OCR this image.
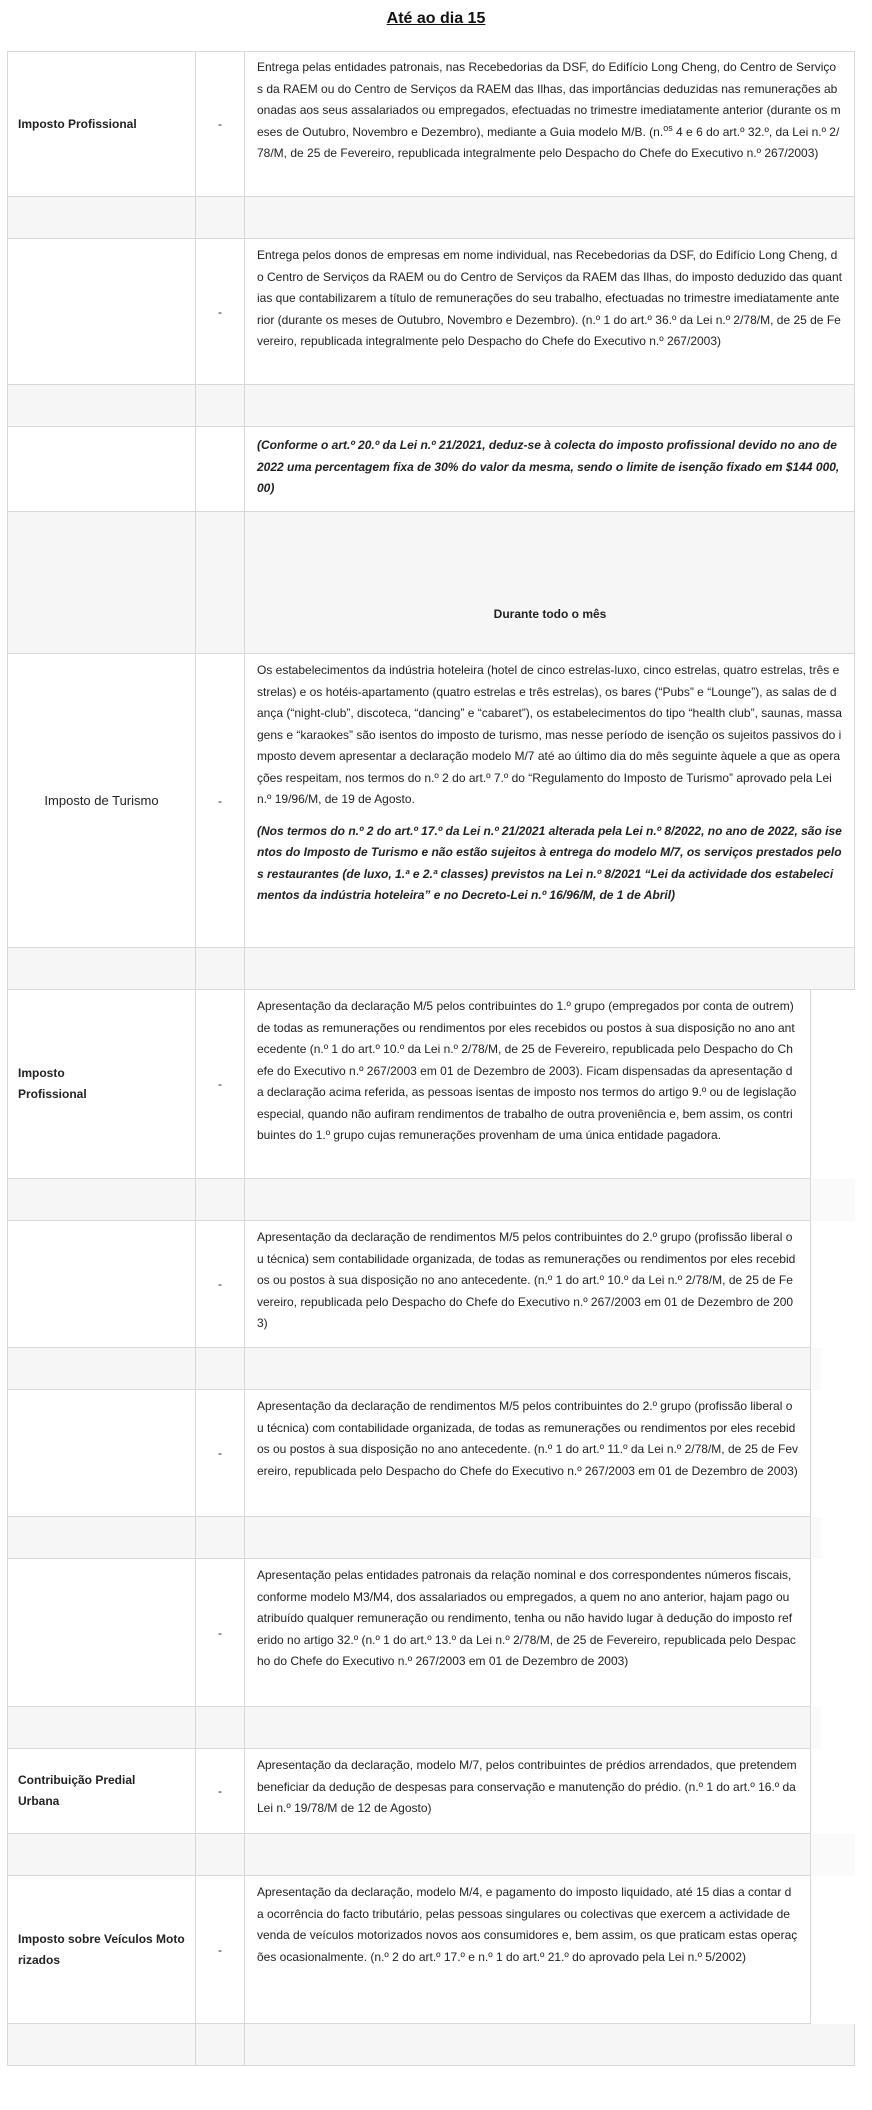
Até ao dia 15
Imposto Profissional	-
Entrega pelas entidades patronais, nas Recebedorias da DSF, do Edifício Long Cheng, do Centro de Serviços da RAEM ou do Centro de Serviços da RAEM das Ilhas, das importâncias deduzidas nas remunerações abonadas aos seus assalariados ou empregados, efectuadas no trimestre imediatamente anterior (durante os meses de Outubro, Novembro e Dezembro), mediante a Guia modelo M/B. (n.$^{os}$ 4 e 6 do art.º 32.º, da Lei n.º 2/78/M, de 25 de Fevereiro, republicada integralmente pelo Despacho do Chefe do Executivo n.º 267/2003)
-
Entrega pelos donos de empresas em nome individual, nas Recebedorias da DSF, do Edifício Long Cheng, do Centro de Serviços da RAEM ou do Centro de Serviços da RAEM das Ilhas, do imposto deduzido das quantias que contabilizarem a título de remunerações do seu trabalho, efectuadas no trimestre imediatamente anterior (durante os meses de Outubro, Novembro e Dezembro). (n.º 1 do art.º 36.º da Lei n.º 2/78/M, de 25 de Fevereiro, republicada integralmente pelo Despacho do Chefe do Executivo n.º 267/2003)
(Conforme o art.º 20.º da Lei n.º 21/2021, deduz-se à colecta do imposto profissional devido no ano de 2022 uma percentagem fixa de 30% do valor da mesma, sendo o limite de isenção fixado em $144 000,00)
Durante todo o mês
Imposto de Turismo	-
Os estabelecimentos da indústria hoteleira (hotel de cinco estrelas-luxo, cinco estrelas, quatro estrelas, três estrelas) e os hotéis-apartamento (quatro estrelas e três estrelas), os bares (“Pubs” e “Lounge”), as salas de dança (“night-club”, discoteca, “dancing” e “cabaret”), os estabelecimentos do tipo “health club”, saunas, massagens e “karaokes” são isentos do imposto de turismo, mas nesse período de isenção os sujeitos passivos do imposto devem apresentar a declaração modelo M/7 até ao último dia do mês seguinte àquele a que as operações respeitam, nos termos do n.º 2 do art.º 7.º do “Regulamento do Imposto de Turismo” aprovado pela Lei n.º 19/96/M, de 19 de Agosto.
(Nos termos do n.º 2 do art.º 17.º da Lei n.º 21/2021 alterada pela Lei n.º 8/2022, no ano de 2022, são isentos do Imposto de Turismo e não estão sujeitos à entrega do modelo M/7, os serviços prestados pelos restaurantes (de luxo, 1.ª e 2.ª classes) previstos na Lei n.º 8/2021 “Lei da actividade dos estabelecimentos da indústria hoteleira” e no Decreto-Lei n.º 16/96/M, de 1 de Abril)
Imposto Profissional
-
Apresentação da declaração M/5 pelos contribuintes do 1.º grupo (empregados por conta de outrem) de todas as remunerações ou rendimentos por eles recebidos ou postos à sua disposição no ano antecedente (n.º 1 do art.º 10.º da Lei n.º 2/78/M, de 25 de Fevereiro, republicada pelo Despacho do Chefe do Executivo n.º 267/2003 em 01 de Dezembro de 2003). Ficam dispensadas da apresentação da declaração acima referida, as pessoas isentas de imposto nos termos do artigo 9.º ou de legislação especial, quando não aufiram rendimentos de trabalho de outra proveniência e, bem assim, os contribuintes do 1.º grupo cujas remunerações provenham de uma única entidade pagadora.
-
Apresentação da declaração de rendimentos M/5 pelos contribuintes do 2.º grupo (profissão liberal ou técnica) sem contabilidade organizada, de todas as remunerações ou rendimentos por eles recebidos ou postos à sua disposição no ano antecedente. (n.º 1 do art.º 10.º da Lei n.º 2/78/M, de 25 de Fevereiro, republicada pelo Despacho do Chefe do Executivo n.º 267/2003 em 01 de Dezembro de 2003)
-
Apresentação da declaração de rendimentos M/5 pelos contribuintes do 2.º grupo (profissão liberal ou técnica) com contabilidade organizada, de todas as remunerações ou rendimentos por eles recebidos ou postos à sua disposição no ano antecedente. (n.º 1 do art.º 11.º da Lei n.º 2/78/M, de 25 de Fevereiro, republicada pelo Despacho do Chefe do Executivo n.º 267/2003 em 01 de Dezembro de 2003)
-
Apresentação pelas entidades patronais da relação nominal e dos correspondentes números fiscais, conforme modelo M3/M4, dos assalariados ou empregados, a quem no ano anterior, hajam pago ou atribuído qualquer remuneração ou rendimento, tenha ou não havido lugar à dedução do imposto referido no artigo 32.º (n.º 1 do art.º 13.º da Lei n.º 2/78/M, de 25 de Fevereiro, republicada pelo Despacho do Chefe do Executivo n.º 267/2003 em 01 de Dezembro de 2003)
Contribuição Predial Urbana
-
Apresentação da declaração, modelo M/7, pelos contribuintes de prédios arrendados, que pretendem beneficiar da dedução de despesas para conservação e manutenção do prédio. (n.º 1 do art.º 16.º da Lei n.º 19/78/M de 12 de Agosto)
Imposto sobre Veículos Motorizados
-
Apresentação da declaração, modelo M/4, e pagamento do imposto liquidado, até 15 dias a contar da ocorrência do facto tributário, pelas pessoas singulares ou colectivas que exercem a actividade de
venda de veículos motorizados novos aos consumidores e, bem assim, os que praticam estas operações ocasionalmente. (n.º 2 do art.º 17.º e n.º 1 do art.º 21.º do aprovado pela Lei n.º 5/2002)
